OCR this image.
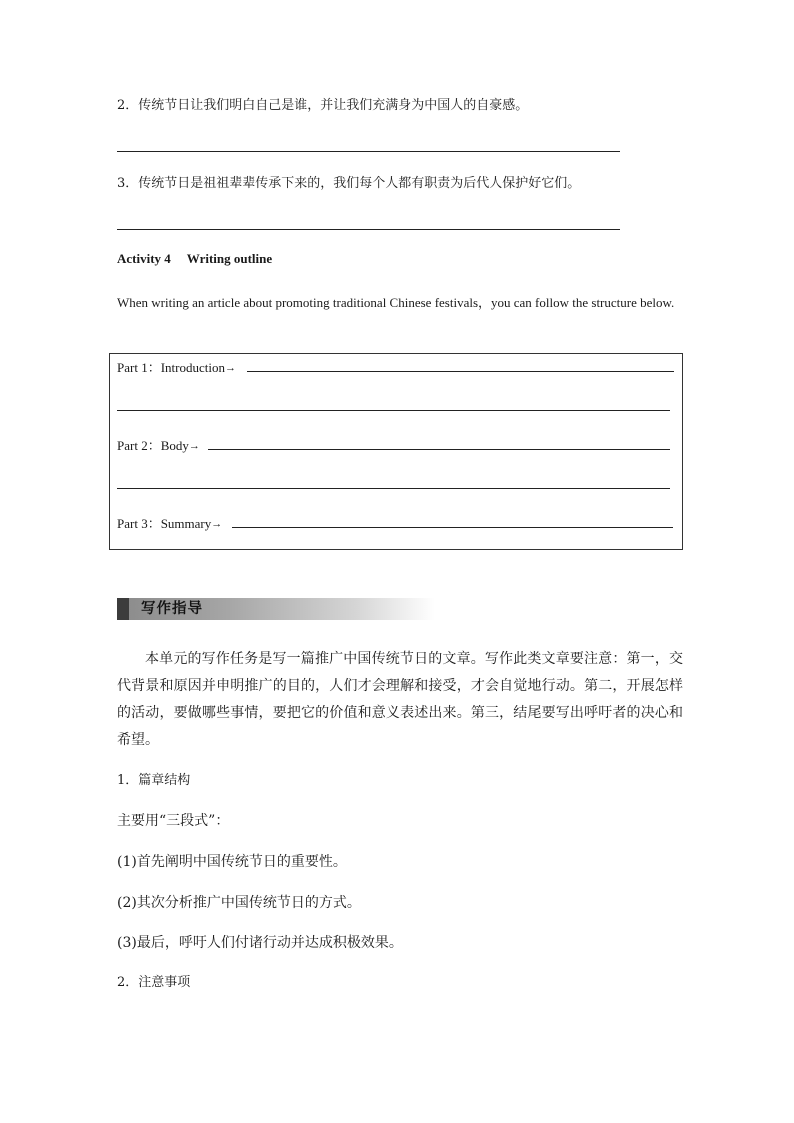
2．传统节日让我们明白自己是谁，并让我们充满身为中国人的自豪感。
3．传统节日是祖祖辈辈传承下来的，我们每个人都有职责为后代人保护好它们。
Activity 4  Writing outline
When writing an article about promoting traditional Chinese festivals，you can follow the structure below.
Part 1：Introduction→
Part 2：Body→
Part 3：Summary→
写作指导
本单元的写作任务是写一篇推广中国传统节日的文章。写作此类文章要注意：第一，交代背景和原因并申明推广的目的，人们才会理解和接受，才会自觉地行动。第二，开展怎样的活动，要做哪些事情，要把它的价值和意义表述出来。第三，结尾要写出呼吁者的决心和希望。
1．篇章结构
主要用“三段式”：
(1)首先阐明中国传统节日的重要性。
(2)其次分析推广中国传统节日的方式。
(3)最后，呼吁人们付诸行动并达成积极效果。
2．注意事项
